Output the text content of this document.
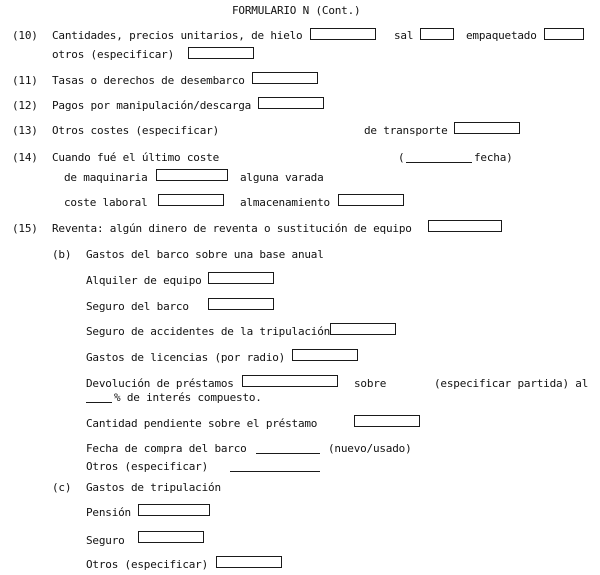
FORMULARIO N (Cont.)
(10) Cantidades, precios unitarios, de hielo	sal	empaquetado
otros (especificar)
(11) Tasas o derechos de desembarco
(12) Pagos por manipulación/descarga
(13) Otros costes (especificar)	de transporte
(14) Cuando fué el último coste	(	fecha)
de maquinaria	alguna varada
coste laboral	almacenamiento
(15) Reventa: algún dinero de reventa o sustitución de equipo
(b) Gastos del barco sobre una base anual
Alquiler de equipo
Seguro del barco
Seguro de accidentes de la tripulación
Gastos de licencias (por radio)
Devolución de préstamos	sobre	(especificar partida) al
% de interés compuesto.
Cantidad pendiente sobre el préstamo
Fecha de compra del barco	(nuevo/usado)
Otros (especificar)
(c) Gastos de tripulación
Pensión
Seguro
Otros (especificar)
